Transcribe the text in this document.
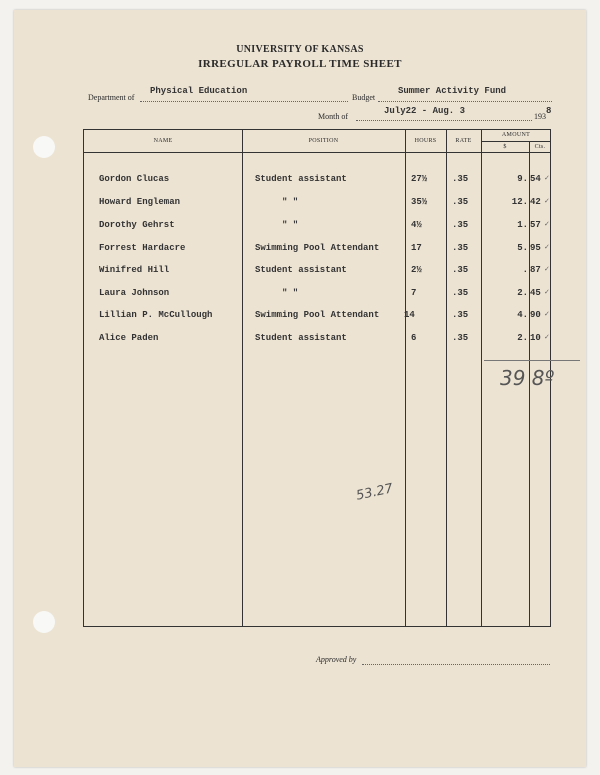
UNIVERSITY OF KANSAS
IRREGULAR PAYROLL TIME SHEET
Department of
Physical Education
Budget
Summer Activity Fund
Month of
July22 - Aug. 3
193
8
NAME	POSITION	HOURS	RATE
AMOUNT
$	Cts.
Gordon Clucas	Student assistant	27½	.35	9. 54 ✓
Howard Engleman	" "	35½	.35	12. 42 ✓
Dorothy Gehrst	" "	4½	.35	1. 57 ✓
Forrest Hardacre	Swimming Pool Attendant	17	.35	5. 95 ✓
Winifred Hill	Student assistant	2½	.35	. 87 ✓
Laura Johnson	" "	7	.35	2. 45 ✓
Lillian P. McCullough	Swimming Pool Attendant	14	.35	4. 90 ✓
Alice Paden	Student assistant	6	.35	2. 10 ✓
39 8º
53.27
Approved by
